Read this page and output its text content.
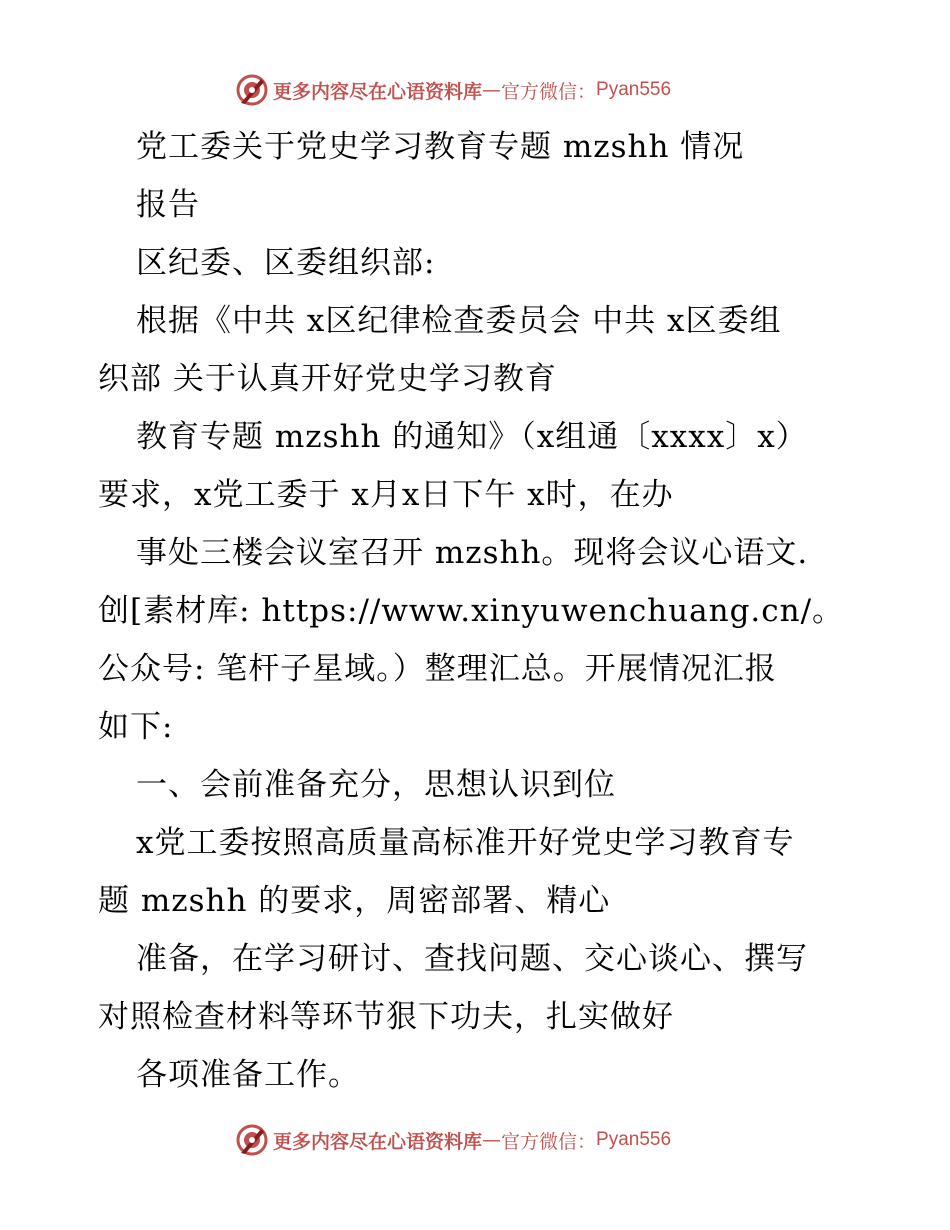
更多内容尽在心语资料库 — 官方微信： Pyan556
党工委关于党史学习教育专题 mzshh 情况
报告
区纪委、区委组织部:
根据《中共 x区纪律检查委员会 中共 x区委组
织部 关于认真开好党史学习教育
教育专题 mzshh 的通知》（x组通〔xxxx〕x）
要求，x党工委于 x月x日下午 x时，在办
事处三楼会议室召开 mzshh。现将会议心语文.
创[素材库: https://www.xinyuwenchuang.cn/。
公众号: 笔杆子星域。）整理汇总。开展情况汇报
如下:
一、会前准备充分，思想认识到位
x党工委按照高质量高标准开好党史学习教育专
题 mzshh 的要求，周密部署、精心
准备，在学习研讨、查找问题、交心谈心、撰写
对照检查材料等环节狠下功夫，扎实做好
各项准备工作。
更多内容尽在心语资料库 — 官方微信： Pyan556
